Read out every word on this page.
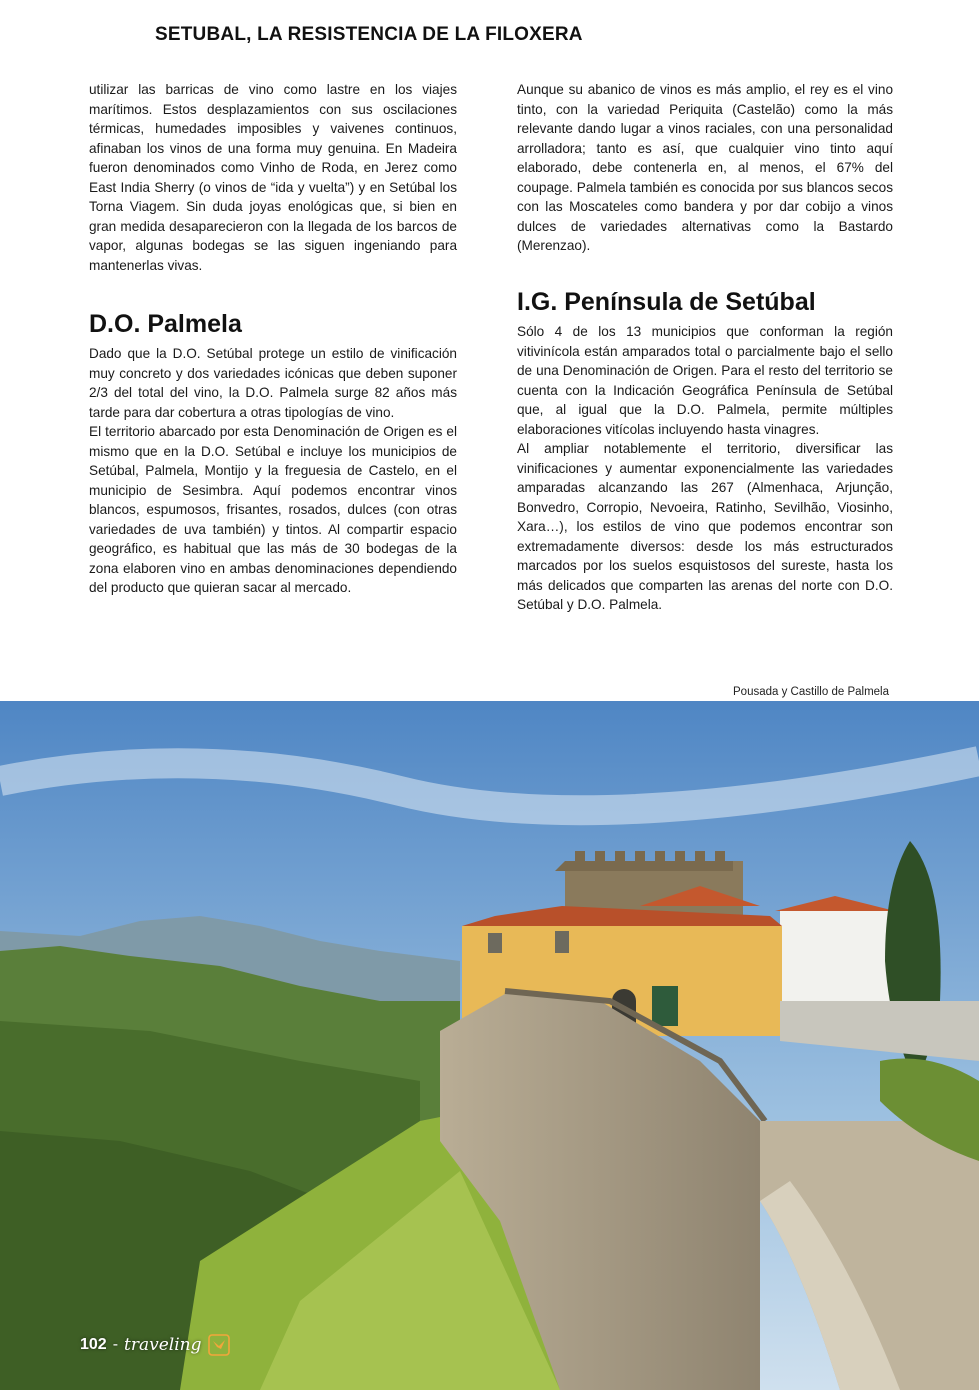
SETUBAL, LA RESISTENCIA DE LA FILOXERA

utilizar las barricas de vino como lastre en los viajes marítimos. Estos desplazamientos con sus oscilaciones térmicas, humedades imposibles y vaivenes continuos, afinaban los vinos de una forma muy genuina. En Madeira fueron denominados como Vinho de Roda, en Jerez como East India Sherry (o vinos de “ida y vuelta”) y en Setúbal los Torna Viagem. Sin duda joyas enológicas que, si bien en gran medida desaparecieron con la llegada de los barcos de vapor, algunas bodegas se las siguen ingeniando para mantenerlas vivas.

D.O. Palmela

Dado que la D.O. Setúbal protege un estilo de vinificación muy concreto y dos variedades icónicas que deben suponer 2/3 del total del vino, la D.O. Palmela surge 82 años más tarde para dar cobertura a otras tipologías de vino.

El territorio abarcado por esta Denominación de Origen es el mismo que en la D.O. Setúbal e incluye los municipios de Setúbal, Palmela, Montijo y la freguesia de Castelo, en el municipio de Sesimbra. Aquí podemos encontrar vinos blancos, espumosos, frisantes, rosados, dulces (con otras variedades de uva también) y tintos. Al compartir espacio geográfico, es habitual que las más de 30 bodegas de la zona elaboren vino en ambas denominaciones dependiendo del producto que quieran sacar al mercado.

Aunque su abanico de vinos es más amplio, el rey es el vino tinto, con la variedad Periquita (Castelão) como la más relevante dando lugar a vinos raciales, con una personalidad arrolladora; tanto es así, que cualquier vino tinto aquí elaborado, debe contenerla en, al menos, el 67% del coupage. Palmela también es conocida por sus blancos secos con las Moscateles como bandera y por dar cobijo a vinos dulces de variedades alternativas como la Bastardo (Merenzao).

I.G. Península de Setúbal

Sólo 4 de los 13 municipios que conforman la región vitivinícola están amparados total o parcialmente bajo el sello de una Denominación de Origen. Para el resto del territorio se cuenta con la Indicación Geográfica Península de Setúbal que, al igual que la D.O. Palmela, permite múltiples elaboraciones vitícolas incluyendo hasta vinagres.

Al ampliar notablemente el territorio, diversificar las vinificaciones y aumentar exponencialmente las variedades amparadas alcanzando las 267 (Almenhaca, Arjunção, Bonvedro, Corropio, Nevoeira, Ratinho, Sevilhão, Viosinho, Xara…), los estilos de vino que podemos encontrar son extremadamente diversos: desde los más estructurados marcados por los suelos esquistosos del sureste, hasta los más delicados que comparten las arenas del norte con D.O. Setúbal y D.O. Palmela.

Pousada y Castillo de Palmela
102 - traveling
